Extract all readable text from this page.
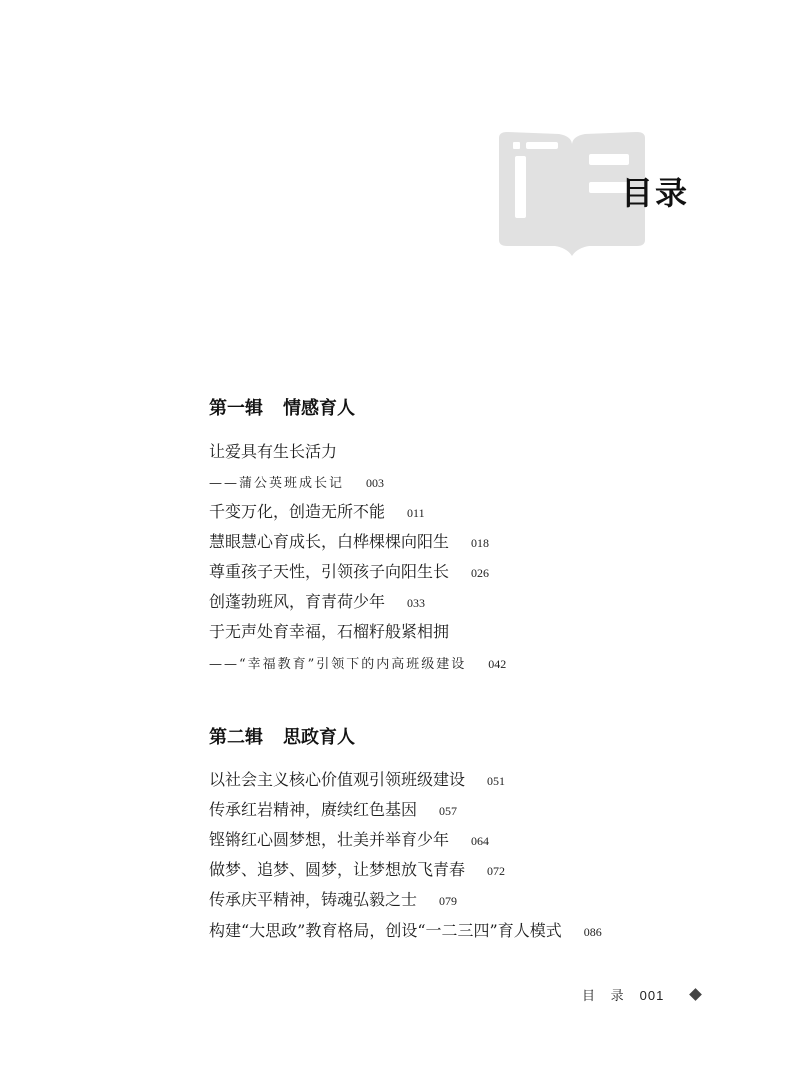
目录
第一辑 情感育人
让爱具有生长活力
——蒲公英班成长记 003
千变万化，创造无所不能 011
慧眼慧心育成长，白桦棵棵向阳生 018
尊重孩子天性，引领孩子向阳生长 026
创蓬勃班风，育青荷少年 033
于无声处育幸福，石榴籽般紧相拥
——“幸福教育”引领下的内高班级建设 042
第二辑 思政育人
以社会主义核心价值观引领班级建设 051
传承红岩精神，赓续红色基因 057
铿锵红心圆梦想，壮美并举育少年 064
做梦、追梦、圆梦，让梦想放飞青春 072
传承庆平精神，铸魂弘毅之士 079
构建“大思政”教育格局，创设“一二三四”育人模式 086
目 录 001
